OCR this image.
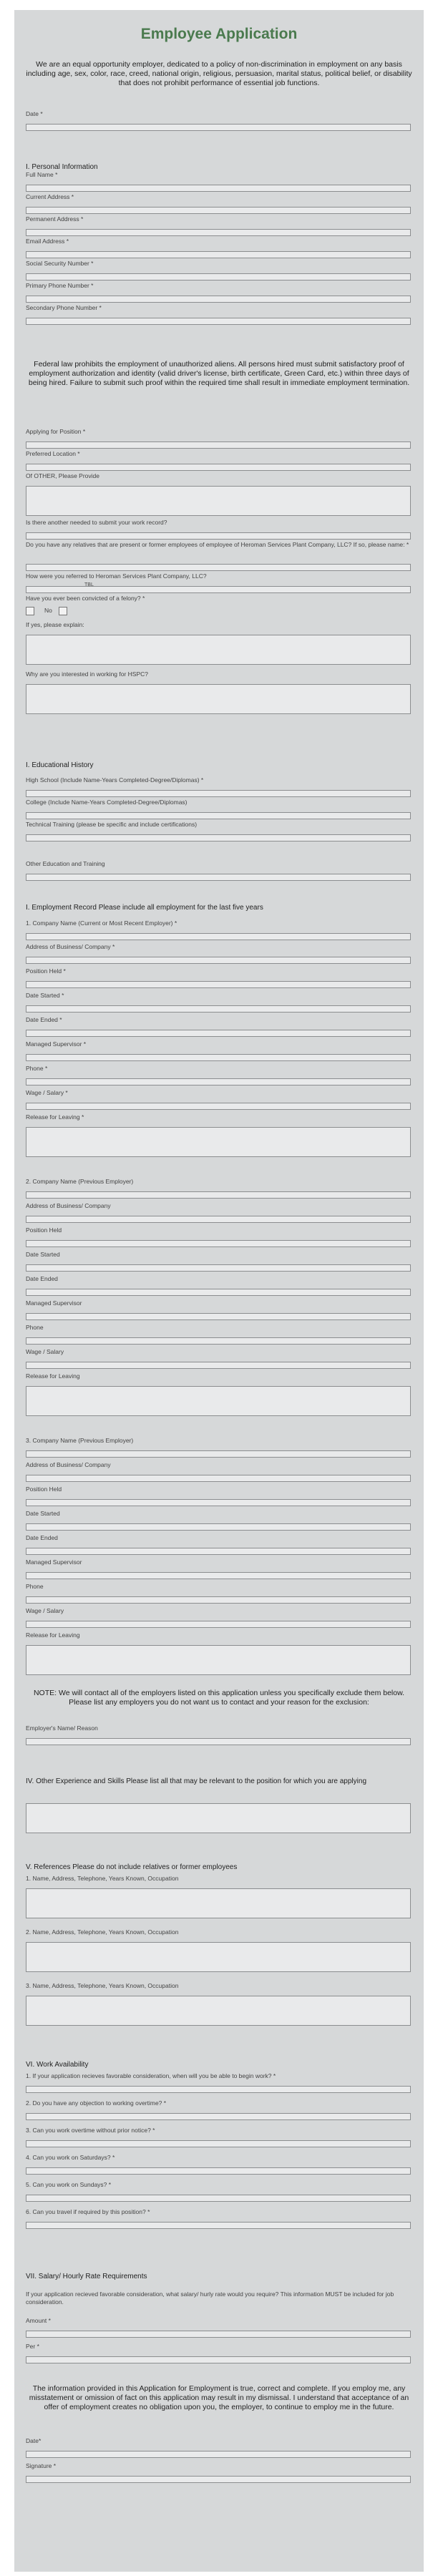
Employee Application
We are an equal opportunity employer, dedicated to a policy of non-discrimination in employment on any basis including age, sex, color, race, creed, national origin, religious, persuasion, marital status, political belief, or disability that does not prohibit performance of essential job functions.
Date *
I. Personal Information
Full Name *
Current Address *
Permanent Address *
Email Address *
Social Security Number *
Primary Phone Number *
Secondary Phone Number *
Federal law prohibits the employment of unauthorized aliens. All persons hired must submit satisfactory proof of employment authorization and identity (valid driver's license, birth certificate, Green Card, etc.) within three days of being hired. Failure to submit such proof within the required time shall result in immediate employment termination.
Applying for Position *
Preferred Location *
Of OTHER, Please Provide
Is there another needed to submit your work record?
Do you have any relatives that are present or former employees of employee of Heroman Services Plant Company, LLC? If so, please name: *
How were you referred to Heroman Services Plant Company, LLC?
TBL
Have you ever been convicted of a felony? *
No
If yes, please explain:
Why are you interested in working for HSPC?
I. Educational History
High School (Include Name-Years Completed-Degree/Diplomas) *
College (Include Name-Years Completed-Degree/Diplomas)
Technical Training (please be specific and include certifications)
Other Education and Training
I. Employment Record Please include all employment for the last five years
1. Company Name (Current or Most Recent Employer) *
Address of Business/ Company *
Position Held *
Date Started *
Date Ended *
Managed Supervisor *
Phone *
Wage / Salary *
Release for Leaving *
2. Company Name (Previous Employer)
Address of Business/ Company
Position Held
Date Started
Date Ended
Managed Supervisor
Phone
Wage / Salary
Release for Leaving
3. Company Name (Previous Employer)
Address of Business/ Company
Position Held
Date Started
Date Ended
Managed Supervisor
Phone
Wage / Salary
Release for Leaving
NOTE: We will contact all of the employers listed on this application unless you specifically exclude them below. Please list any employers you do not want us to contact and your reason for the exclusion:
Employer's Name/ Reason
IV. Other Experience and Skills Please list all that may be relevant to the position for which you are applying
V. References Please do not include relatives or former employees
1. Name, Address, Telephone, Years Known, Occupation
2. Name, Address, Telephone, Years Known, Occupation
3. Name, Address, Telephone, Years Known, Occupation
VI. Work Availability
1. If your application recieves favorable consideration, when will you be able to begin work? *
2. Do you have any objection to working overtime? *
3. Can you work overtime without prior notice? *
4. Can you work on Saturdays? *
5. Can you work on Sundays? *
6. Can you travel if required by this position? *
VII. Salary/ Hourly Rate Requirements
If your application recieved favorable consideration, what salary/ hurly rate would you require? This information MUST be included for job consideration.
Amount *
Per *
The information provided in this Application for Employment is true, correct and complete. If you employ me, any misstatement or omission of fact on this application may result in my dismissal. I understand that acceptance of an offer of employment creates no obligation upon you, the employer, to continue to employ me in the future.
Date*
Signature *
